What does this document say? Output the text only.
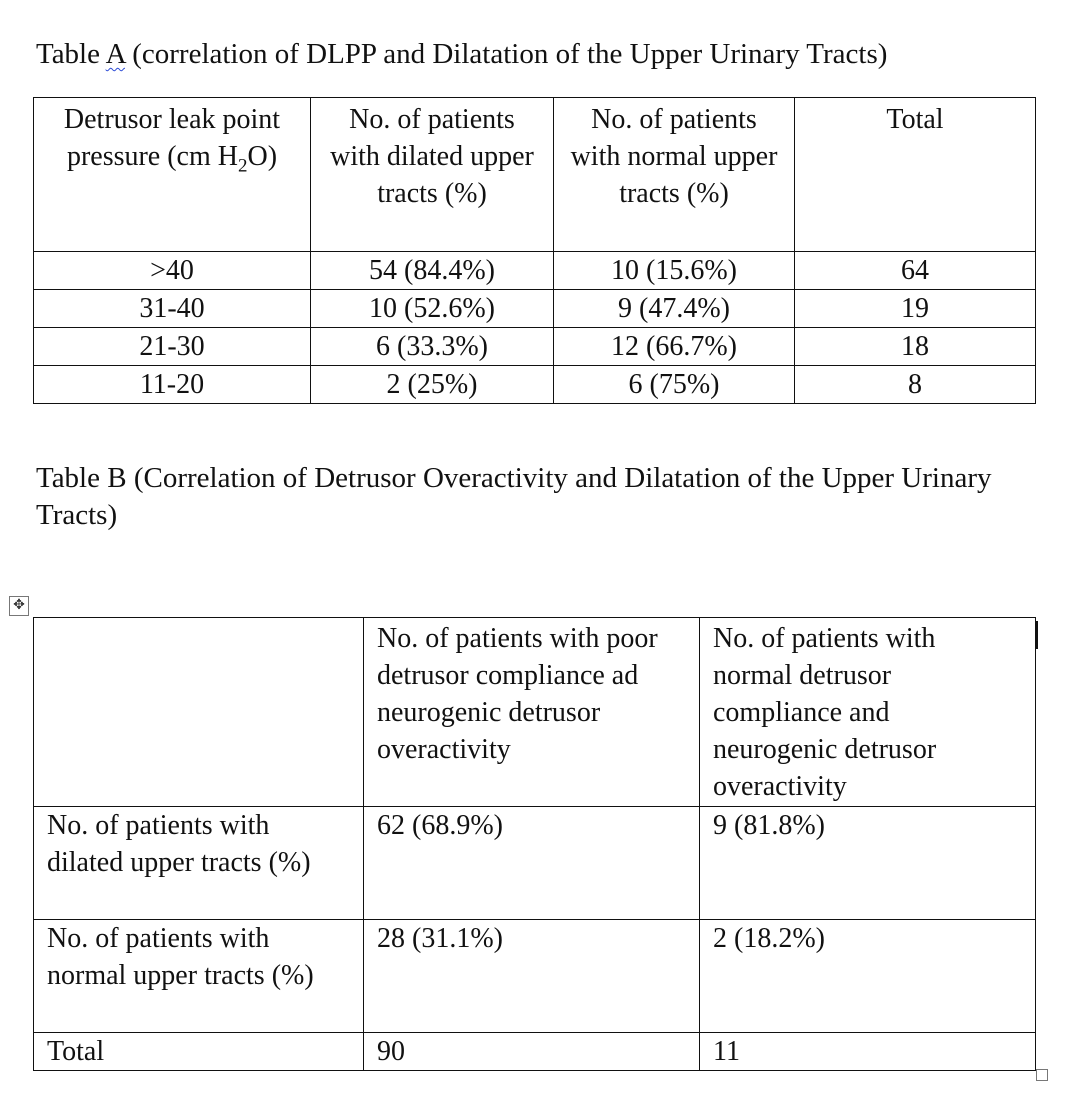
Table A (correlation of DLPP and Dilatation of the Upper Urinary Tracts)

Detrusor leak point
pressure (cm $H_2O$)	No. of patients with dilated upper tracts (%)	No. of patients with normal upper tracts (%)	Total
>40	54 (84.4%)	10 (15.6%)	64
31-40	10 (52.6%)	9 (47.4%)	19
21-30	6 (33.3%)	12 (66.7%)	18
11-20	2 (25%)	6 (75%)	8

Table B (Correlation of Detrusor Overactivity and Dilatation of the Upper Urinary Tracts)

✥
	No. of patients with poor detrusor compliance ad neurogenic detrusor overactivity	No. of patients with normal detrusor compliance and neurogenic detrusor overactivity
No. of patients with dilated upper tracts (%)	62 (68.9%)	9 (81.8%)
No. of patients with normal upper tracts (%)	28 (31.1%)	2 (18.2%)
Total	90	11
